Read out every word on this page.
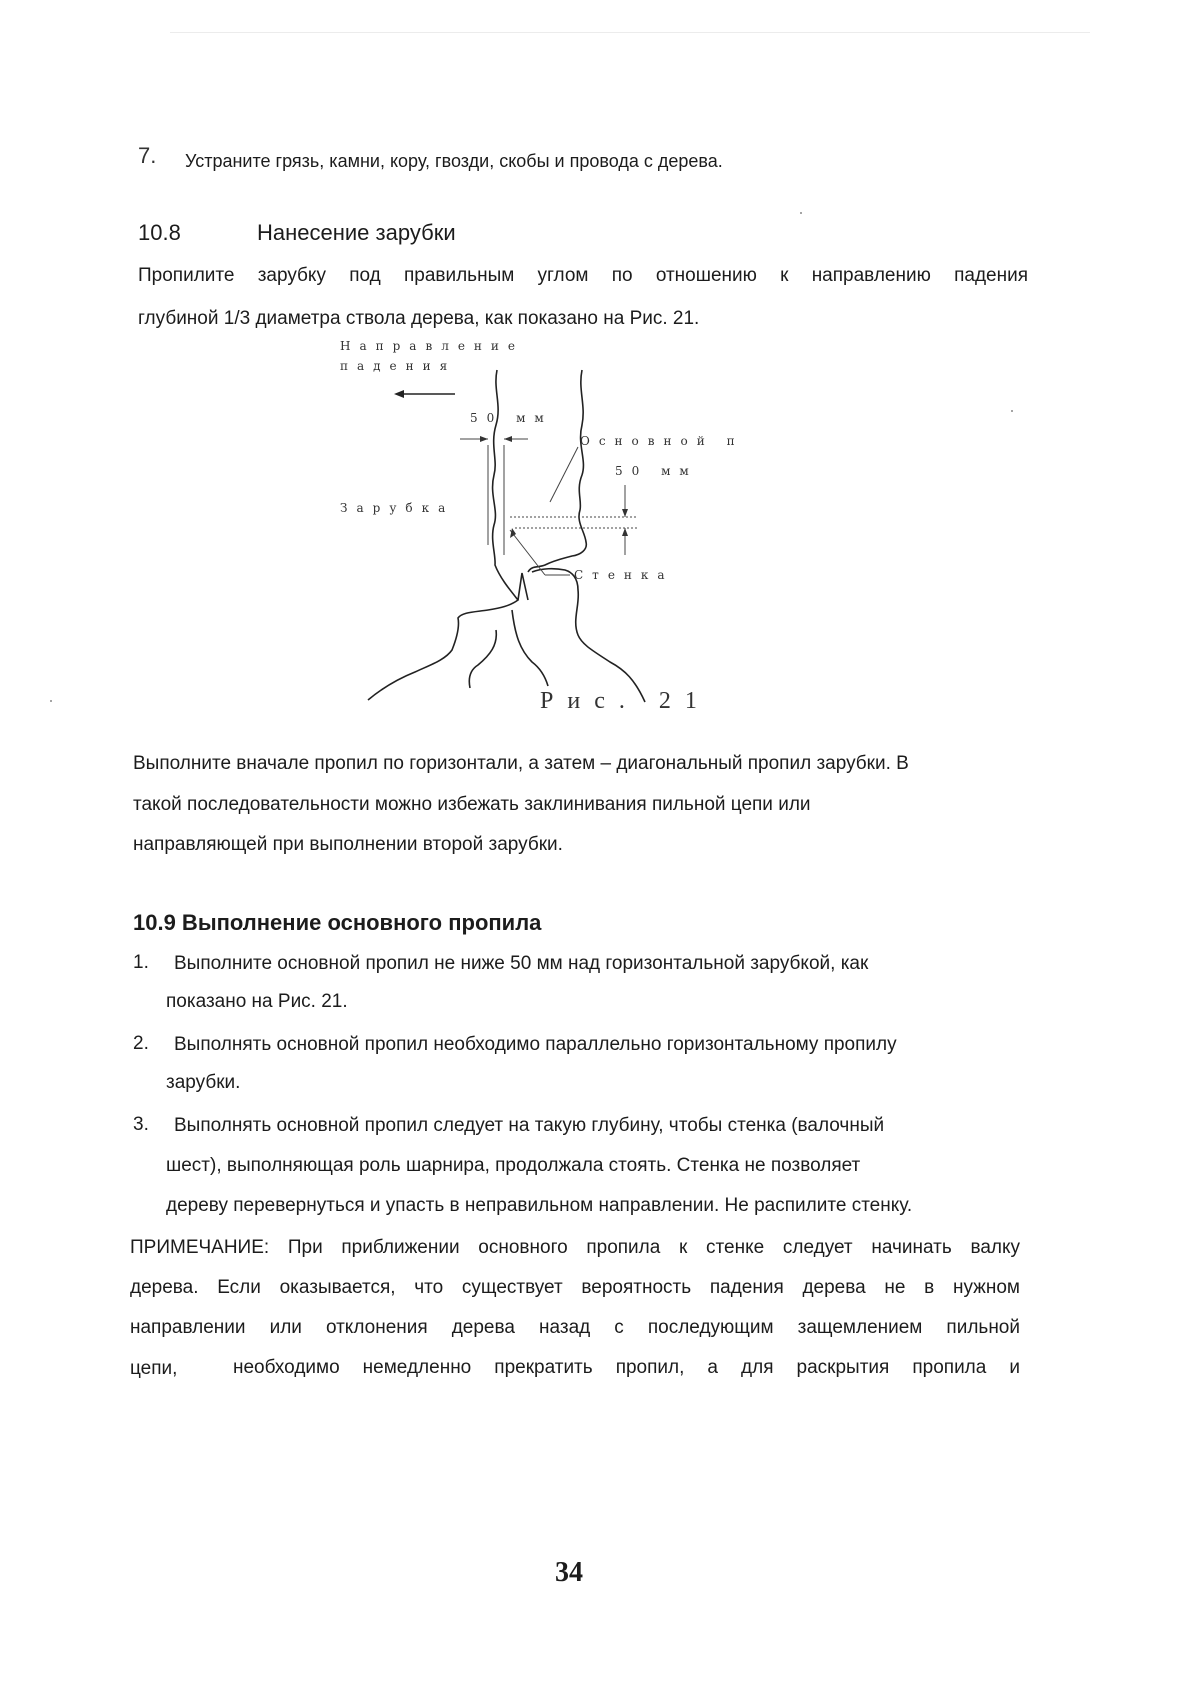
7. Устраните грязь, камни, кору, гвозди, скобы и провода с дерева.
10.8	Нанесение зарубки
Пропилите зарубку под правильным углом по отношению к направлению падения
глубиной 1/3 диаметра ствола дерева, как показано на Рис. 21.
Направление
падения
50 мм
Основной п
50 мм
Зарубка
Стенка
Рис. 21
Выполните вначале пропил по горизонтали, а затем – диагональный пропил зарубки. В
такой последовательности можно избежать заклинивания пильной цепи или
направляющей при выполнении второй зарубки.
10.9 Выполнение основного пропила
1. Выполните основной пропил не ниже 50 мм над горизонтальной зарубкой, как
показано на Рис. 21.
2. Выполнять основной пропил необходимо параллельно горизонтальному пропилу
зарубки.
3. Выполнять основной пропил следует на такую глубину, чтобы стенка (валочный
шест), выполняющая роль шарнира, продолжала стоять. Стенка не позволяет
дереву перевернуться и упасть в неправильном направлении. Не распилите стенку.
ПРИМЕЧАНИЕ: При приближении основного пропила к стенке следует начинать валку
дерева. Если оказывается, что существует вероятность падения дерева не в нужном
направлении или отклонения дерева назад с последующим защемлением пильной
цепи,	необходимо немедленно прекратить пропил, а для раскрытия пропила и
34
